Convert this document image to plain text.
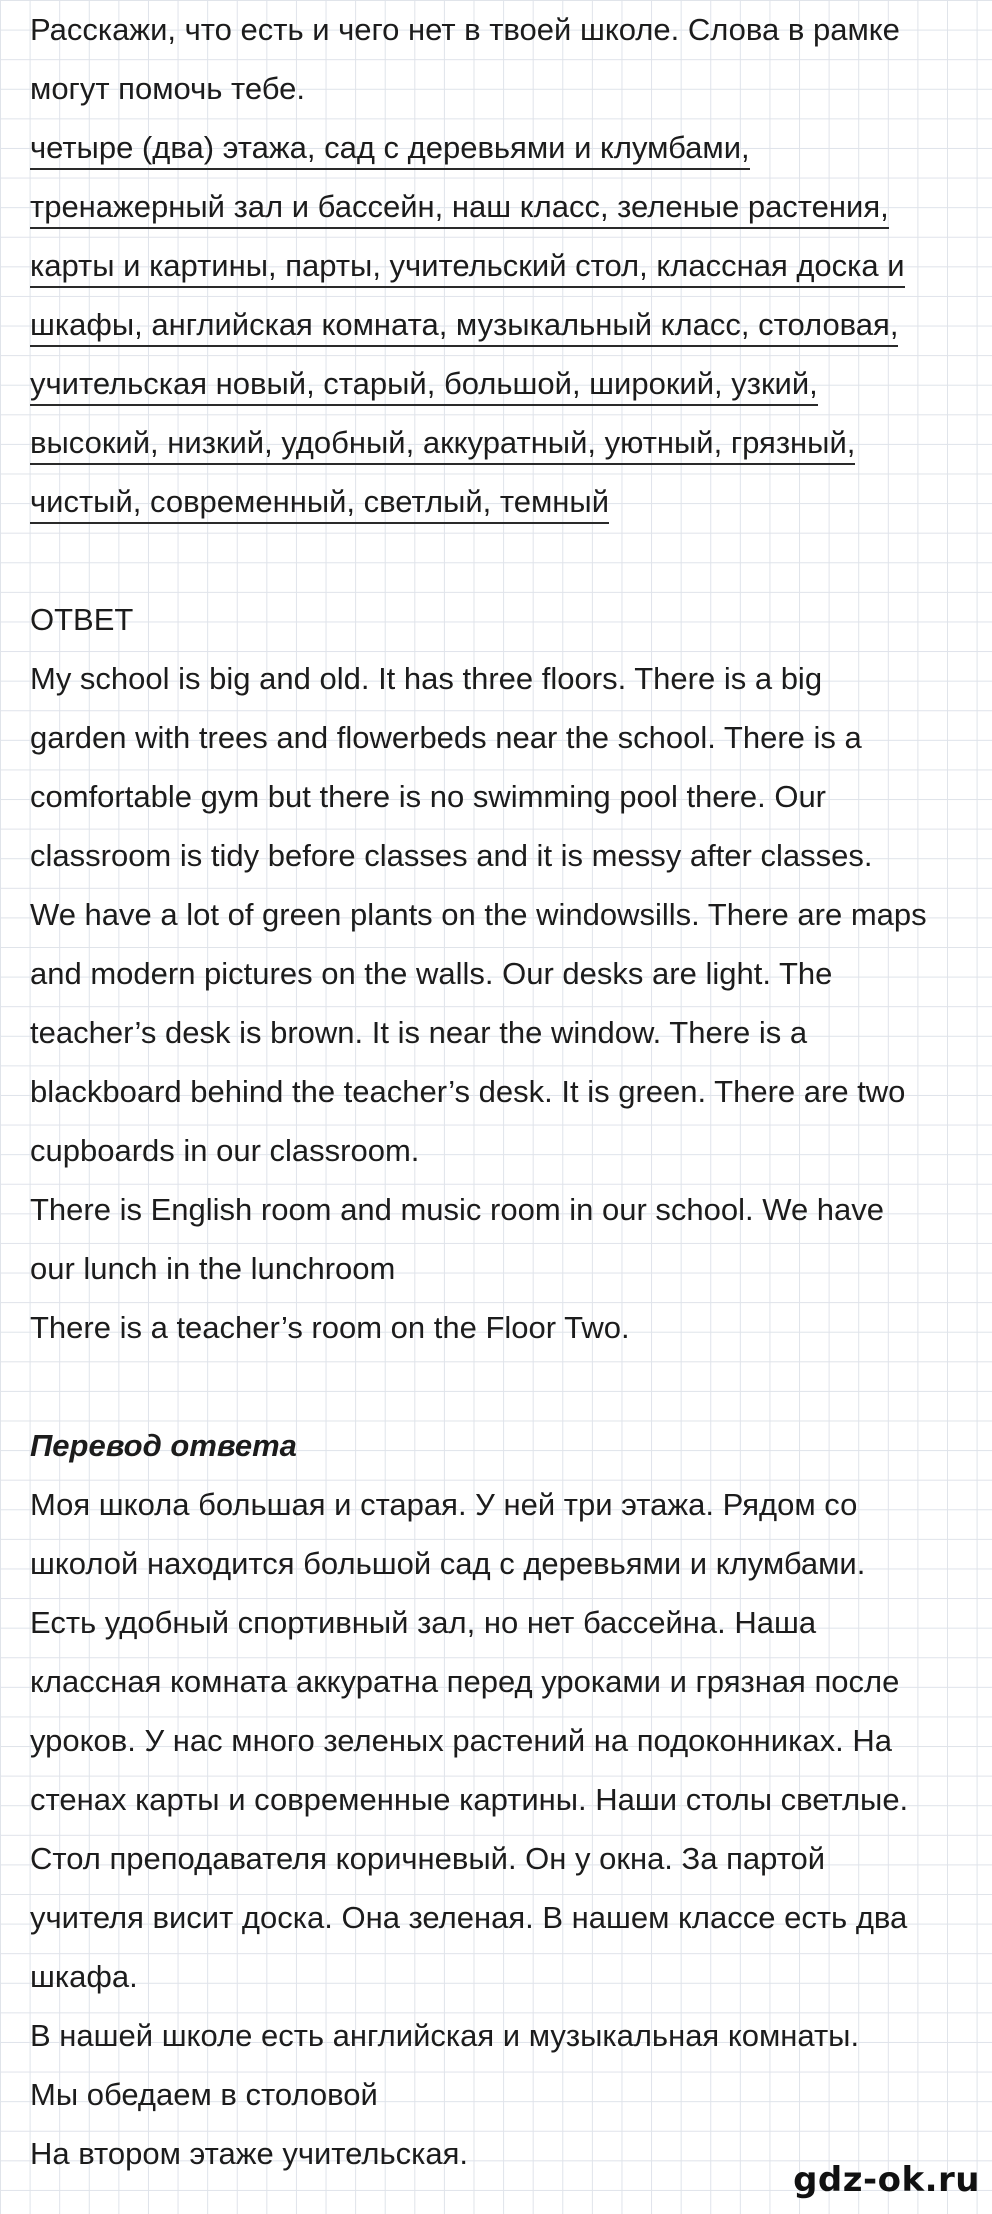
Расскажи, что есть и чего нет в твоей школе. Слова в рамке

могут помочь тебе.

четыре (два) этажа, сад с деревьями и клумбами,

тренажерный зал и бассейн, наш класс, зеленые растения,

карты и картины, парты, учительский стол, классная доска и

шкафы, английская комната, музыкальный класс, столовая,

учительская новый, старый, большой, широкий, узкий,

высокий, низкий, удобный, аккуратный, уютный, грязный,

чистый, современный, светлый, темный

ОТВЕТ

My school is big and old. It has three floors. There is a big

garden with trees and flowerbeds near the school. There is a

comfortable gym but there is no swimming pool there. Our

classroom is tidy before classes and it is messy after classes.

We have a lot of green plants on the windowsills. There are maps

and modern pictures on the walls. Our desks are light. The

teacher’s desk is brown. It is near the window. There is a

blackboard behind the teacher’s desk. It is green. There are two

cupboards in our classroom.

There is English room and music room in our school. We have

our lunch in the lunchroom

There is a teacher’s room on the Floor Two.

Перевод ответа

Моя школа большая и старая. У ней три этажа. Рядом со

школой находится большой сад с деревьями и клумбами.

Есть удобный спортивный зал, но нет бассейна. Наша

классная комната аккуратна перед уроками и грязная после

уроков. У нас много зеленых растений на подоконниках. На

стенах карты и современные картины. Наши столы светлые.

Стол преподавателя коричневый. Он у окна. За партой

учителя висит доска. Она зеленая. В нашем классе есть два

шкафа.

В нашей школе есть английская и музыкальная комнаты.

Мы обедаем в столовой

На втором этаже учительская.

gdz-ok.ru
